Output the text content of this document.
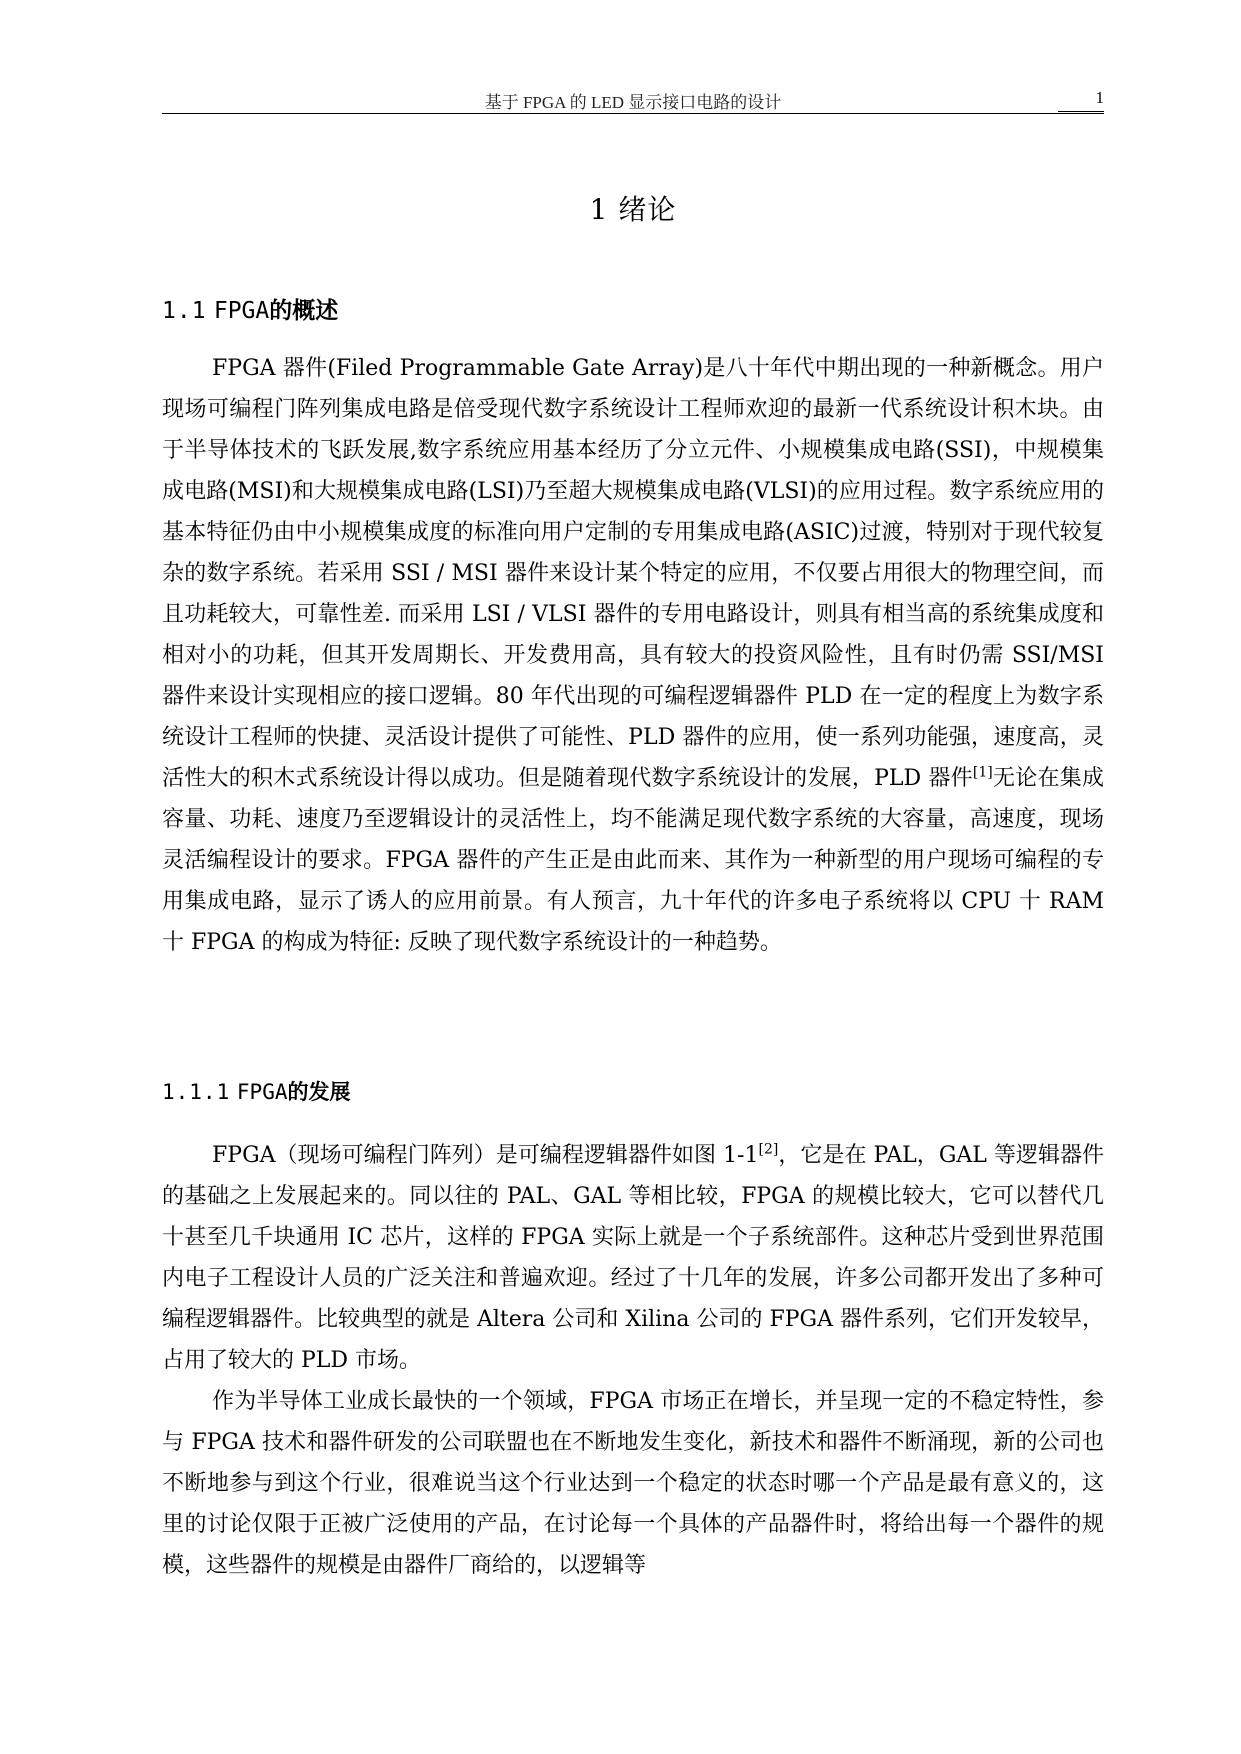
基于 FPGA 的 LED 显示接口电路的设计	1
1 绪论
1.1 FPGA的概述

FPGA 器件(Filed Programmable Gate Array)是八十年代中期出现的一种新概念。用户现场可编程门阵列集成电路是倍受现代数字系统设计工程师欢迎的最新一代系统设计积木块。由于半导体技术的飞跃发展,数字系统应用基本经历了分立元件、小规模集成电路(SSI)，中规模集成电路(MSI)和大规模集成电路(LSI)乃至超大规模集成电路(VLSI)的应用过程。数字系统应用的基本特征仍由中小规模集成度的标准向用户定制的专用集成电路(ASIC)过渡，特别对于现代较复杂的数字系统。若采用 SSI / MSI 器件来设计某个特定的应用，不仅要占用很大的物理空间，而且功耗较大，可靠性差. 而采用 LSI / VLSI 器件的专用电路设计，则具有相当高的系统集成度和相对小的功耗，但其开发周期长、开发费用高，具有较大的投资风险性，且有时仍需 SSI/MSI 器件来设计实现相应的接口逻辑。80 年代出现的可编程逻辑器件 PLD 在一定的程度上为数字系统设计工程师的快捷、灵活设计提供了可能性、PLD 器件的应用，使一系列功能强，速度高，灵活性大的积木式系统设计得以成功。但是随着现代数字系统设计的发展，PLD 器件[1]无论在集成容量、功耗、速度乃至逻辑设计的灵活性上，均不能满足现代数字系统的大容量，高速度，现场灵活编程设计的要求。FPGA 器件的产生正是由此而来、其作为一种新型的用户现场可编程的专用集成电路，显示了诱人的应用前景。有人预言，九十年代的许多电子系统将以 CPU 十 RAM 十 FPGA 的构成为特征: 反映了现代数字系统设计的一种趋势。

1.1.1 FPGA的发展

FPGA（现场可编程门阵列）是可编程逻辑器件如图 1-1[2]，它是在 PAL，GAL 等逻辑器件的基础之上发展起来的。同以往的 PAL、GAL 等相比较，FPGA 的规模比较大，它可以替代几十甚至几千块通用 IC 芯片，这样的 FPGA 实际上就是一个子系统部件。这种芯片受到世界范围内电子工程设计人员的广泛关注和普遍欢迎。经过了十几年的发展，许多公司都开发出了多种可编程逻辑器件。比较典型的就是 Altera 公司和 Xilina 公司的 FPGA 器件系列，它们开发较早，占用了较大的 PLD 市场。

作为半导体工业成长最快的一个领域，FPGA 市场正在增长，并呈现一定的不稳定特性，参与 FPGA 技术和器件研发的公司联盟也在不断地发生变化，新技术和器件不断涌现，新的公司也不断地参与到这个行业，很难说当这个行业达到一个稳定的状态时哪一个产品是最有意义的，这里的讨论仅限于正被广泛使用的产品，在讨论每一个具体的产品器件时，将给出每一个器件的规模，这些器件的规模是由器件厂商给的，以逻辑等
